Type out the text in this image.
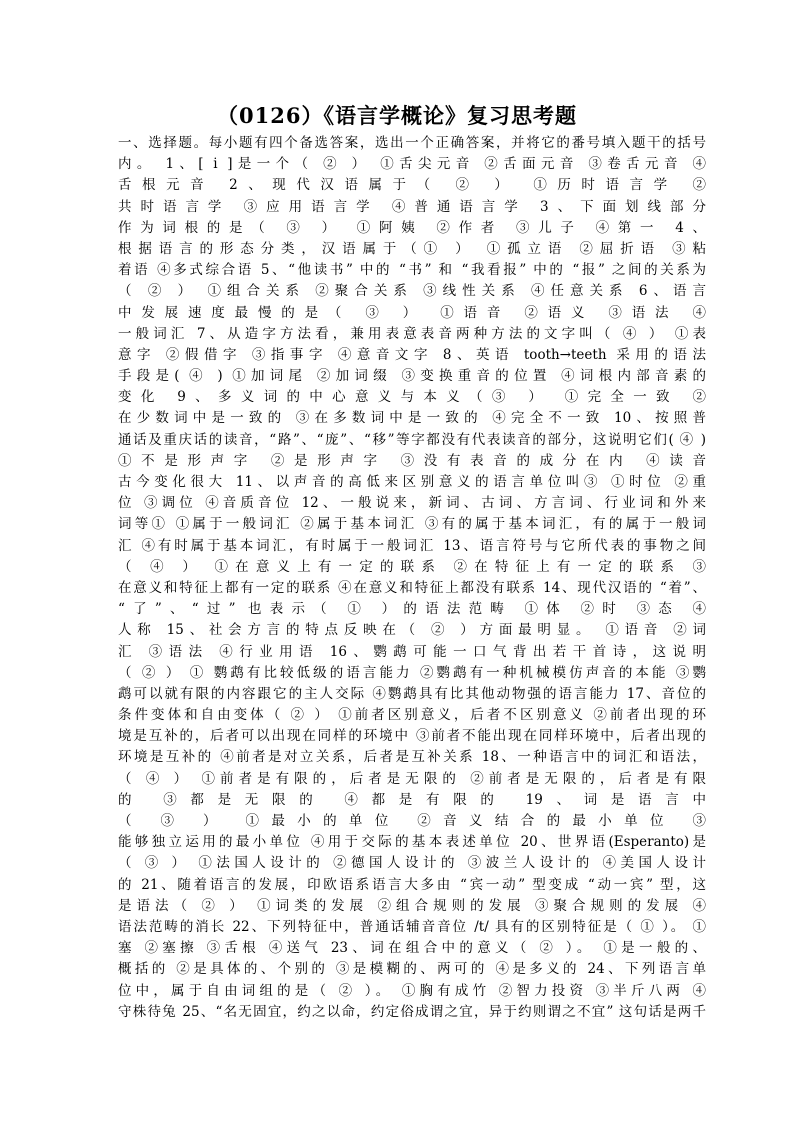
（0126）《语言学概论》复习思考题
一、选择题。每小题有四个备选答案，选出一个正确答案，并将它的番号填入题干的括号
内。 1、[ i ]是一个（ ② ） ①舌尖元音 ②舌面元音 ③卷舌元音 ④
舌根元音 2、现代汉语属于（ ② ） ①历时语言学 ②
共时语言学 ③应用语言学 ④普通语言学 3、下面划线部分
作为词根的是（ ③ ） ①阿姨 ②作者 ③儿子 ④第一 4、
根据语言的形态分类，汉语属于（① ） ①孤立语 ②屈折语 ③粘
着语 ④多式综合语 5、“他读书” 中的 “书” 和 “我看报” 中的 “报” 之间的关系为
（ ② ） ①组合关系 ②聚合关系 ③线性关系 ④任意关系 6、语言
中发展速度最慢的是（ ③ ） ①语音 ②语义 ③语法 ④
一般词汇 7、从造字方法看，兼用表意表音两种方法的文字叫（ ④ ） ①表
意字 ②假借字 ③指事字 ④意音文字 8、英语 tooth→teeth 采用的语法
手段是( ④ ) ①加词尾 ②加词缀 ③变换重音的位置 ④词根内部音素的
变化 9、多义词的中心意义与本义（③ ） ①完全一致 ②
在少数词中是一致的 ③在多数词中是一致的 ④完全不一致 10、按照普
通话及重庆话的读音，“路”、“庞”、“移”等字都没有代表读音的部分，这说明它们( ④ )
①不是形声字 ②是形声字 ③没有表音的成分在内 ④读音
古今变化很大 11、以声音的高低来区别意义的语言单位叫③ ①时位 ②重
位 ③调位 ④音质音位 12、一般说来，新词、古词、方言词、行业词和外来
词等① ①属于一般词汇 ②属于基本词汇 ③有的属于基本词汇，有的属于一般词
汇 ④有时属于基本词汇，有时属于一般词汇 13、语言符号与它所代表的事物之间
（ ④ ） ①在意义上有一定的联系 ②在特征上有一定的联系 ③
在意义和特征上都有一定的联系 ④在意义和特征上都没有联系 14、现代汉语的 “着”、
“了”、“过” 也表示（ ① ）的语法范畴 ①体 ②时 ③态 ④
人称 15、社会方言的特点反映在（ ② ）方面最明显。 ①语音 ②词
汇 ③语法 ④行业用语 16、鹦鹉可能一口气背出若干首诗，这说明
（ ② ） ① 鹦鹉有比较低级的语言能力 ②鹦鹉有一种机械模仿声音的本能 ③鹦
鹉可以就有限的内容跟它的主人交际 ④鹦鹉具有比其他动物强的语言能力 17、音位的
条件变体和自由变体（ ② ） ①前者区别意义，后者不区别意义 ②前者出现的环
境是互补的，后者可以出现在同样的环境中 ③前者不能出现在同样环境中，后者出现的
环境是互补的 ④前者是对立关系，后者是互补关系 18、一种语言中的词汇和语法，
（ ④ ） ①前者是有限的，后者是无限的 ②前者是无限的，后者是有限
的 ③都是无限的 ④都是有限的 19、词是语言中
（ ③ ） ①最小的单位 ②音义结合的最小单位 ③
能够独立运用的最小单位 ④用于交际的基本表述单位 20、世界语(Esperanto)是
（ ③ ） ①法国人设计的 ②德国人设计的 ③波兰人设计的 ④美国人设计
的 21、随着语言的发展，印欧语系语言大多由 “宾一动” 型变成 “动一宾” 型，这
是语法（ ② ） ①词类的发展 ②组合规则的发展 ③聚合规则的发展 ④
语法范畴的消长 22、下列特征中，普通话辅音音位 /t/ 具有的区别特征是（ ① ）。 ①
塞 ②塞擦 ③舌根 ④送气 23、词在组合中的意义（ ② ）。 ①是一般的、
概括的 ②是具体的、个别的 ③是模糊的、两可的 ④是多义的 24、下列语言单
位中，属于自由词组的是（ ② ）。 ①胸有成竹 ②智力投资 ③半斤八两 ④
守株待兔 25、“名无固宜，约之以命，约定俗成谓之宜，异于约则谓之不宜” 这句话是两千
